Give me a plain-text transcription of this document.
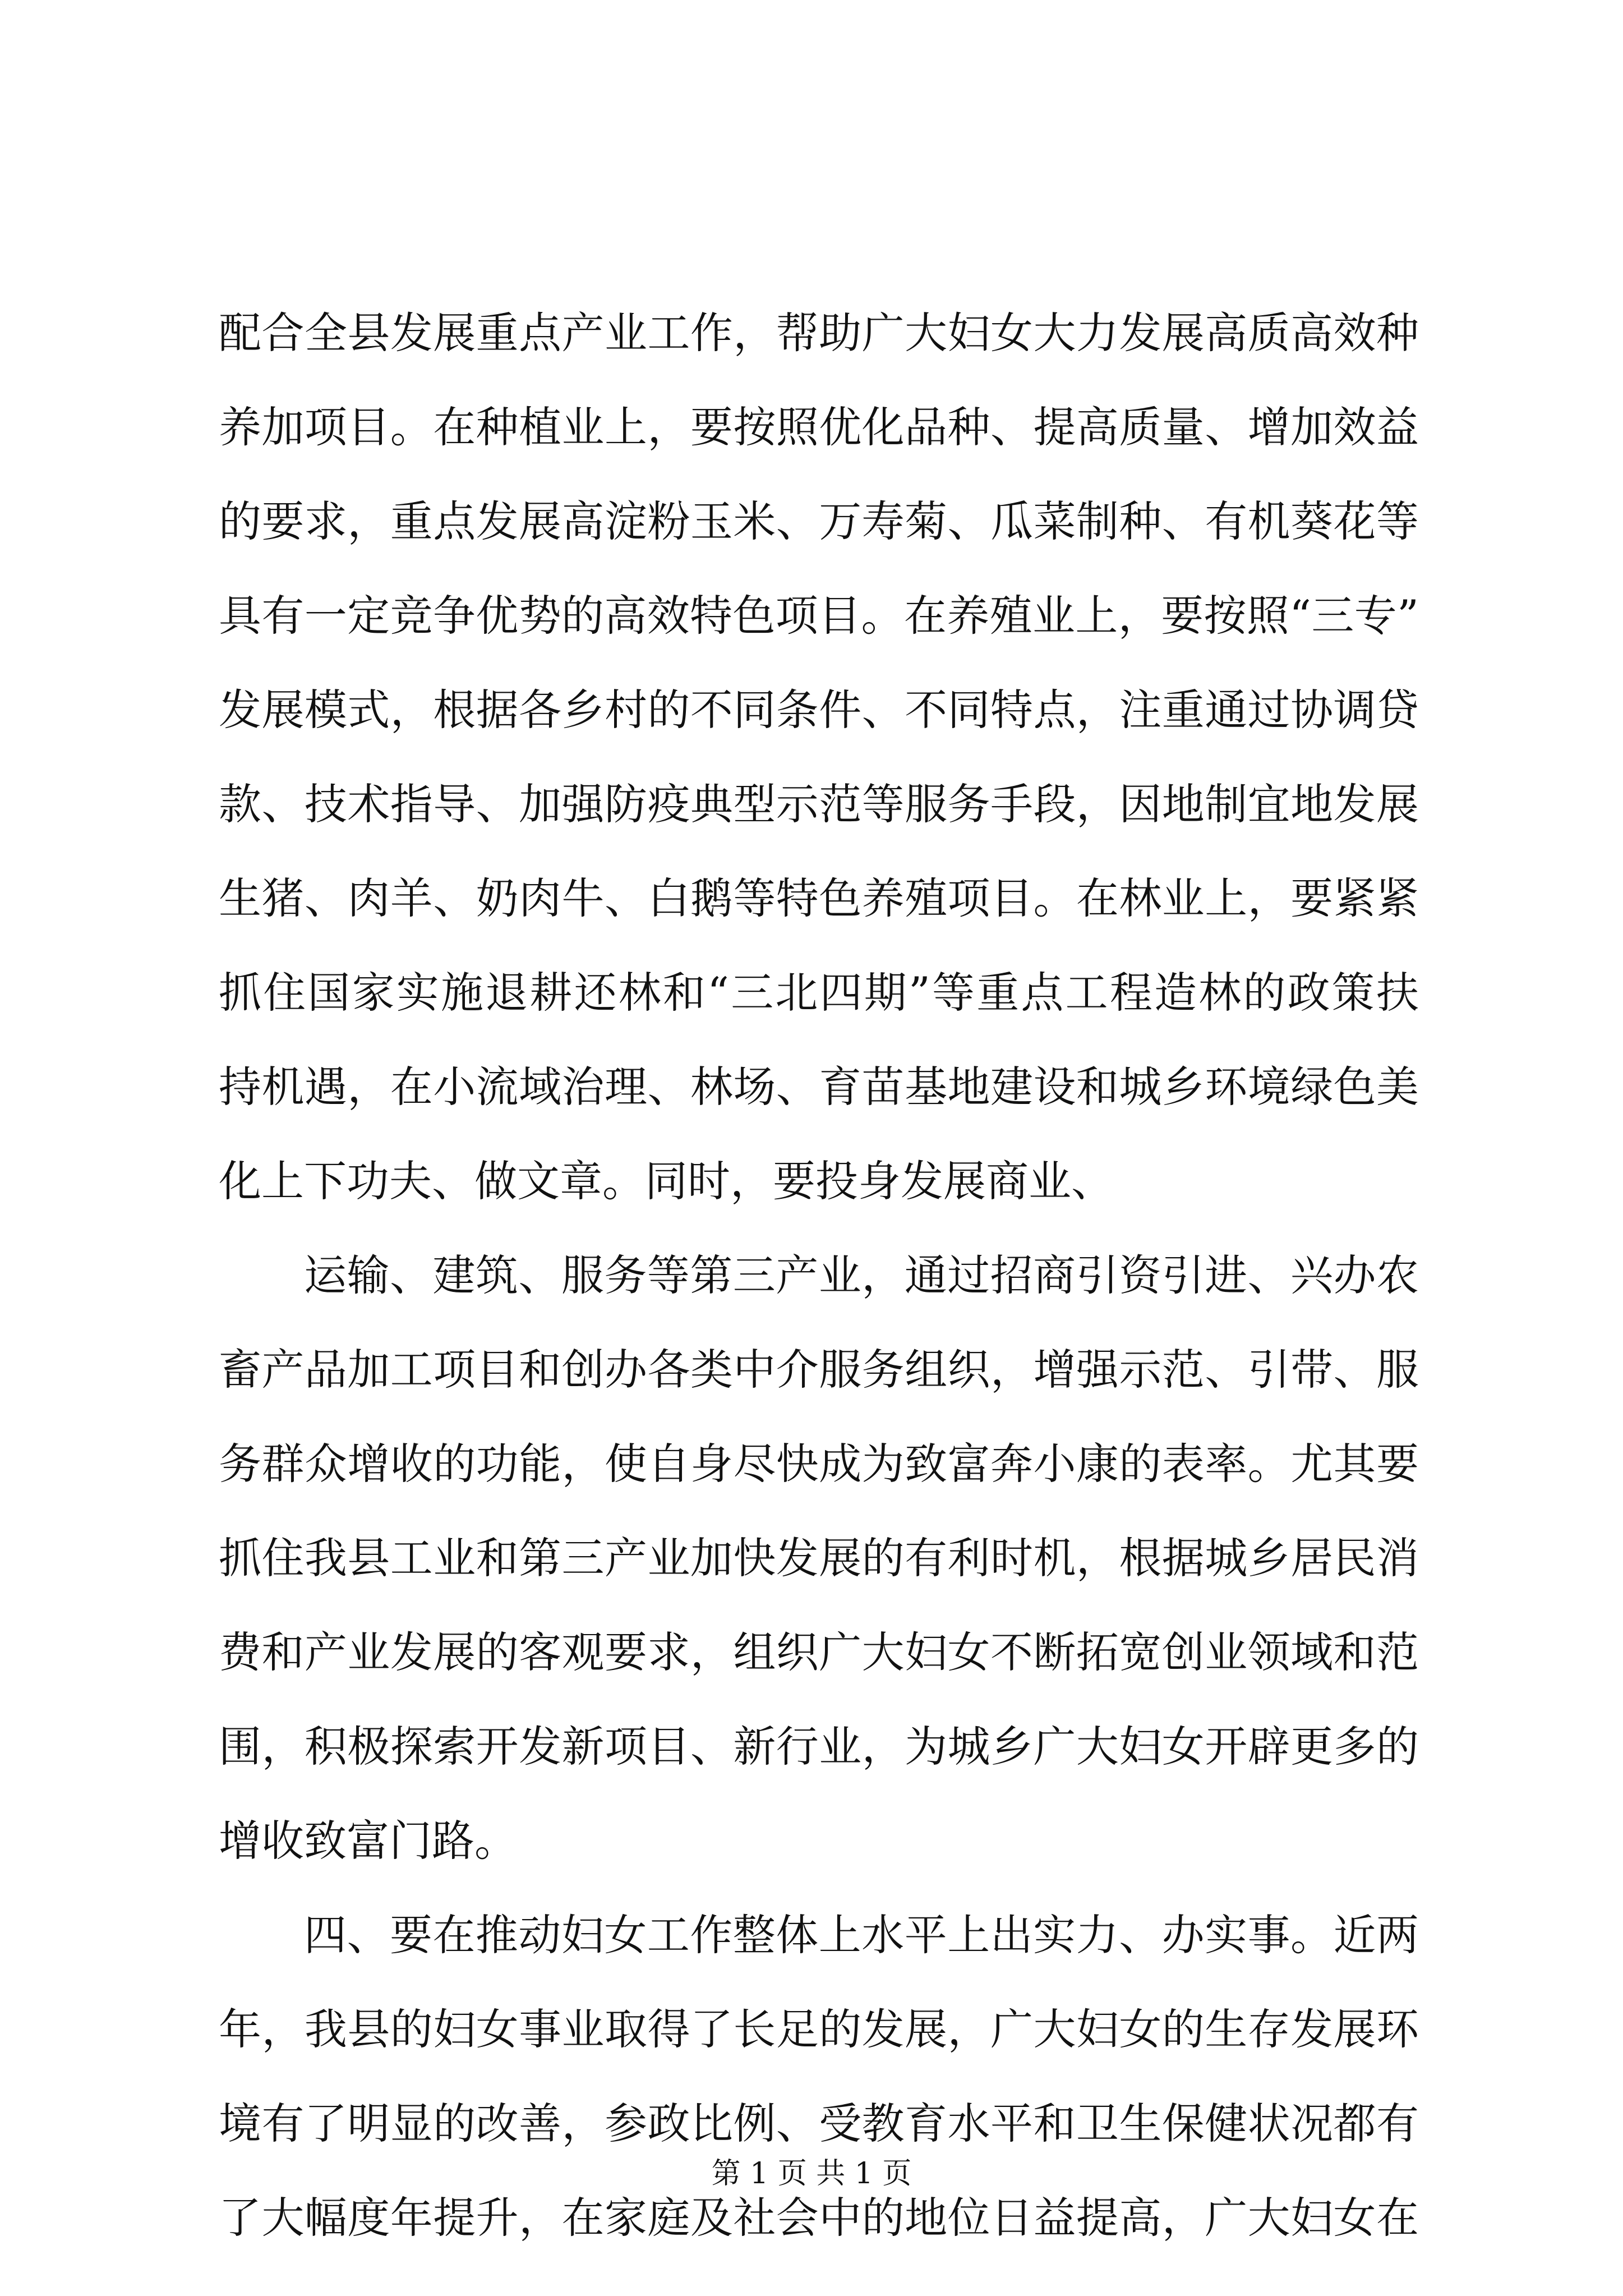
配合全县发展重点产业工作，帮助广大妇女大力发展高质高效种
养加项目。在种植业上，要按照优化品种、提高质量、增加效益
的要求，重点发展高淀粉玉米、万寿菊、瓜菜制种、有机葵花等
具有一定竞争优势的高效特色项目。在养殖业上，要按照“三专”
发展模式，根据各乡村的不同条件、不同特点，注重通过协调贷
款、技术指导、加强防疫典型示范等服务手段，因地制宜地发展
生猪、肉羊、奶肉牛、白鹅等特色养殖项目。在林业上，要紧紧
抓住国家实施退耕还林和“三北四期”等重点工程造林的政策扶
持机遇，在小流域治理、林场、育苗基地建设和城乡环境绿色美
化上下功夫、做文章。同时，要投身发展商业、
运输、建筑、服务等第三产业，通过招商引资引进、兴办农
畜产品加工项目和创办各类中介服务组织，增强示范、引带、服
务群众增收的功能，使自身尽快成为致富奔小康的表率。尤其要
抓住我县工业和第三产业加快发展的有利时机，根据城乡居民消
费和产业发展的客观要求，组织广大妇女不断拓宽创业领域和范
围，积极探索开发新项目、新行业，为城乡广大妇女开辟更多的
增收致富门路。
四、要在推动妇女工作整体上水平上出实力、办实事。近两
年，我县的妇女事业取得了长足的发展，广大妇女的生存发展环
境有了明显的改善，参政比例、受教育水平和卫生保健状况都有
了大幅度年提升，在家庭及社会中的地位日益提高，广大妇女在
第 1 页 共 1 页
